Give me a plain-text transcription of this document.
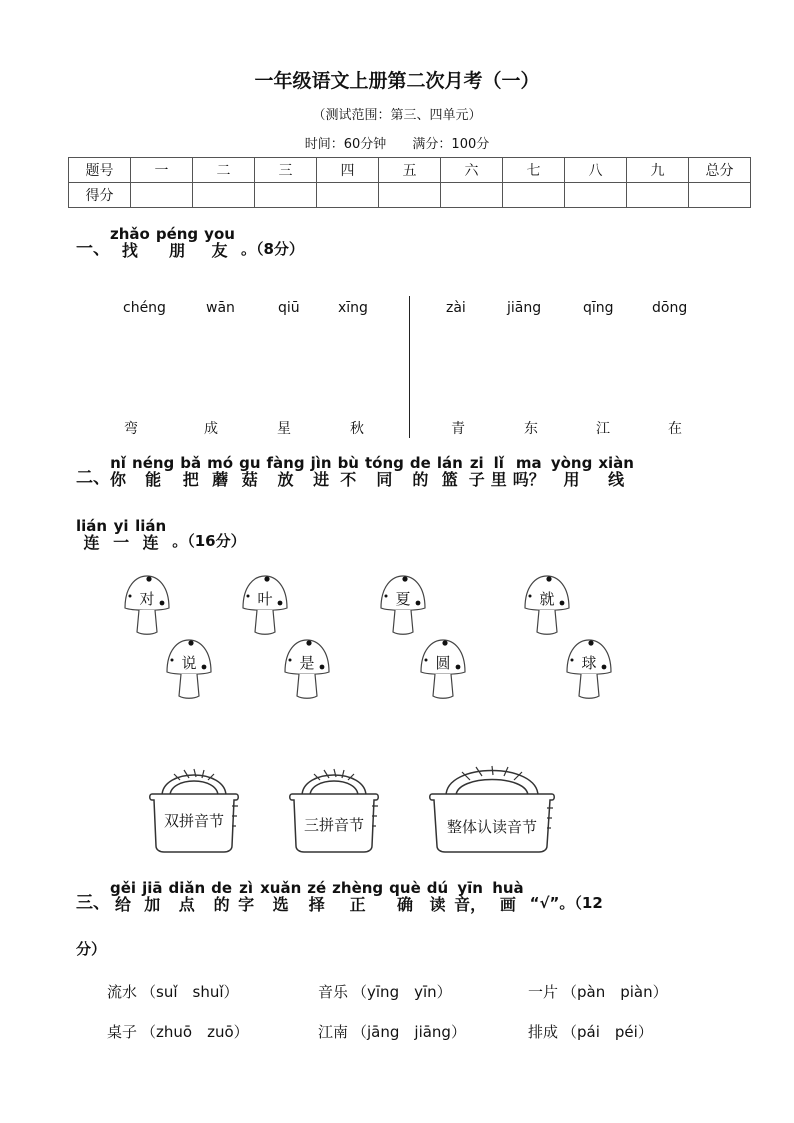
一年级语文上册第二次月考（一）
（测试范围：第三、四单元）
时间：60分钟 满分：100分
题号	一	二	三	四	五	六	七	八	九	总分
得分										
一、
zhǎo
找
péng
朋
you
友 。（8分）
chéng	wān	qiū	xīng	zài	jiāng	qīng	dōng
弯	成	星	秋	青	东	江	在
二、
nǐ
你
néng
能
bǎ
把
mó
蘑
gu
菇
fàng
放
jìn
进
bù
不
tóng
同
de
的
lán
篮
zi
子
lǐ
里
ma
吗？
yòng
用
xiàn
线
lián
连
yi
一
lián
连 。（16分）
对	叶	夏	就
说	是	圆	球
双拼音节	三拼音节	整体认读音节
三、
gěi
给
jiā
加
diǎn
点
de
的
zì
字
xuǎn
选
zé
择
zhèng
正
què
确
dú
读
yīn
音，
huà
画 “√”。（12
分）
流水 （suǐ　shuǐ）	音乐 （yīng　yīn）	一片 （pàn　piàn）
桌子 （zhuō　zuō）	江南 （jāng　jiāng）	排成 （pái　péi）
